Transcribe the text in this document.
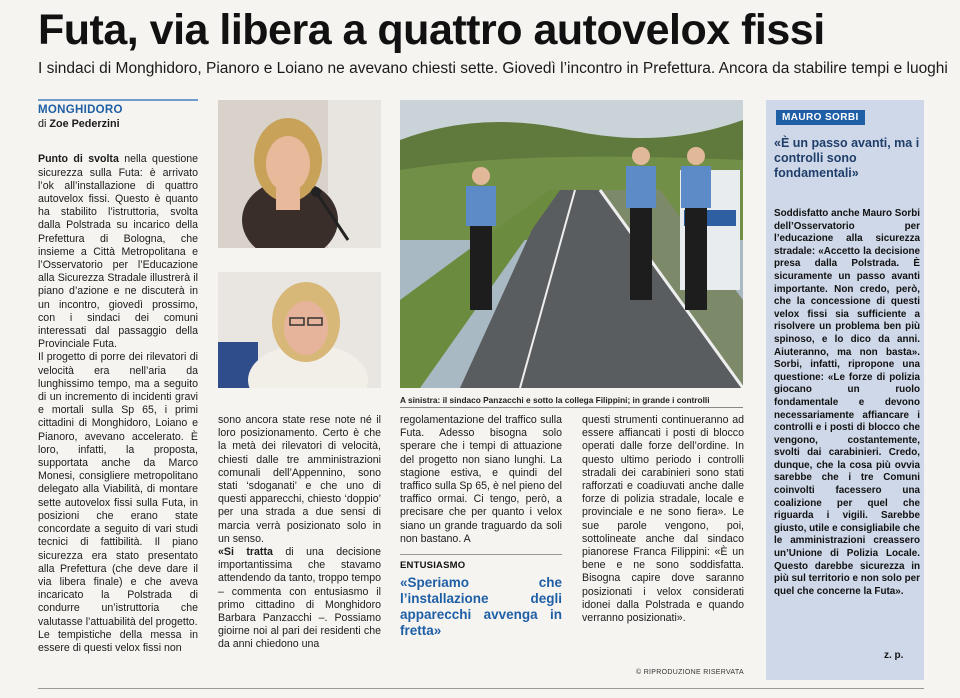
Futa, via libera a quattro autovelox fissi
I sindaci di Monghidoro, Pianoro e Loiano ne avevano chiesti sette. Giovedì l’incontro in Prefettura. Ancora da stabilire tempi e luoghi
MONGHIDORO
di Zoe Pederzini

Punto di svolta nella questione sicurezza sulla Futa: è arrivato l’ok all’installazione di quattro autovelox fissi. Questo è quanto ha stabilito l’istruttoria, svolta dalla Polstrada su incarico della Prefettura di Bologna, che insieme a Città Metropolitana e l’Osservatorio per l’Educazione alla Sicurezza Stradale illustrerà il piano d’azione e ne discuterà in un incontro, giovedì prossimo, con i sindaci dei comuni interessati dal passaggio della Provinciale Futa.

Il progetto di porre dei rilevatori di velocità era nell’aria da lunghissimo tempo, ma a seguito di un incremento di incidenti gravi e mortali sulla Sp 65, i primi cittadini di Monghidoro, Loiano e Pianoro, avevano accelerato. È loro, infatti, la proposta, supportata anche da Marco Monesi, consigliere metropolitano delegato alla Viabilità, di montare sette autovelox fissi sulla Futa, in posizioni che erano state concordate a seguito di vari studi tecnici di fattibilità. Il piano sicurezza era stato presentato alla Prefettura (che deve dare il via libera finale) e che aveva incaricato la Polstrada di condurre un’istruttoria che valutasse l’attuabilità del progetto.

Le tempistiche della messa in essere di questi velox fissi non

A sinistra: il sindaco Panzacchi e sotto la collega Filippini; in grande i controlli

sono ancora state rese note né il loro posizionamento. Certo è che la metà dei rilevatori di velocità, chiesti dalle tre amministrazioni comunali dell’Appennino, sono stati ‘sdoganati’ e che uno di questi apparecchi, chiesto ‘doppio’ per una strada a due sensi di marcia verrà posizionato solo in un senso.

«Si tratta di una decisione importantissima che stavamo attendendo da tanto, troppo tempo – commenta con entusiasmo il primo cittadino di Monghidoro Barbara Panzacchi –. Possiamo gioirne noi al pari dei residenti che da anni chiedono una

regolamentazione del traffico sulla Futa. Adesso bisogna solo sperare che i tempi di attuazione del progetto non siano lunghi. La stagione estiva, e quindi del traffico sulla Sp 65, è nel pieno del traffico ormai. Ci tengo, però, a precisare che per quanto i velox siano un grande traguardo da soli non bastano. A

ENTUSIASMO
«Speriamo che l’installazione degli apparecchi avvenga in fretta»

questi strumenti continueranno ad essere affiancati i posti di blocco operati dalle forze dell’ordine. In questo ultimo periodo i controlli stradali dei carabinieri sono stati rafforzati e coadiuvati anche dalle forze di polizia stradale, locale e provinciale e ne sono fiera». Le sue parole vengono, poi, sottolineate anche dal sindaco pianorese Franca Filippini: «È un bene e ne sono soddisfatta. Bisogna capire dove saranno posizionati i velox considerati idonei dalla Polstrada e quando verranno posizionati».

© RIPRODUZIONE RISERVATA
MAURO SORBI
«È un passo avanti, ma i controlli sono fondamentali»
Soddisfatto anche Mauro Sorbi dell’Osservatorio per l’educazione alla sicurezza stradale: «Accetto la decisione presa dalla Polstrada. È sicuramente un passo avanti importante. Non credo, però, che la concessione di questi velox fissi sia sufficiente a risolvere un problema ben più spinoso, e lo dico da anni. Aiuteranno, ma non basta». Sorbi, infatti, ripropone una questione: «Le forze di polizia giocano un ruolo fondamentale e devono necessariamente affiancare i controlli e i posti di blocco che vengono, costantemente, svolti dai carabinieri. Credo, dunque, che la cosa più ovvia sarebbe che i tre Comuni coinvolti facessero una coalizione per quel che riguarda i vigili. Sarebbe giusto, utile e consigliabile che le amministrazioni creassero un’Unione di Polizia Locale. Questo darebbe sicurezza in più sul territorio e non solo per quel che concerne la Futa».
z. p.
